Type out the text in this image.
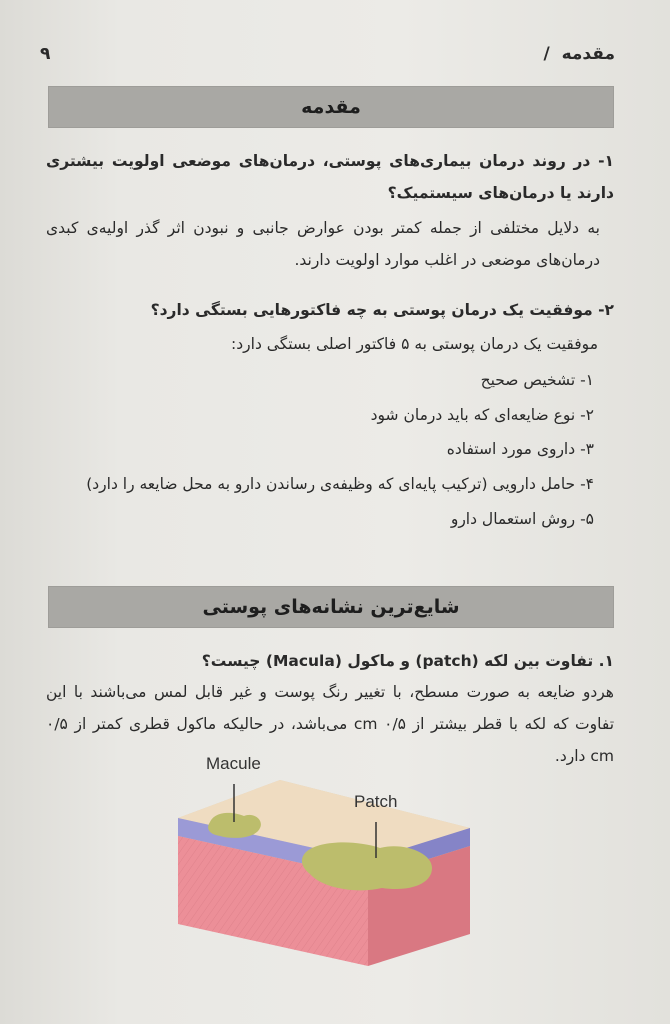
مقدمه /
۹
مقدمه
۱- در روند درمان بیماری‌های پوستی، درمان‌های موضعی اولویت بیشتری دارند یا درمان‌های سیستمیک؟
به دلایل مختلفی از جمله کمتر بودن عوارض جانبی و نبودن اثر گذر اولیه‌ی کبدی درمان‌های موضعی در اغلب موارد اولویت دارند.
۲- موفقیت یک درمان پوستی به چه فاکتورهایی بستگی دارد؟
موفقیت یک درمان پوستی به ۵ فاکتور اصلی بستگی دارد:
۱- تشخیص صحیح
۲- نوع ضایعه‌ای که باید درمان شود
۳- داروی مورد استفاده
۴- حامل دارویی (ترکیب پایه‌ای که وظیفه‌ی رساندن دارو به محل ضایعه را دارد)
۵- روش استعمال دارو
شایع‌ترین نشانه‌های پوستی
۱. تفاوت بین لکه (patch) و ماکول (Macula) چیست؟
هردو ضایعه به صورت مسطح، با تغییر رنگ پوست و غیر قابل لمس می‌باشند با این تفاوت که لکه با قطر بیشتر از ۰/۵ cm می‌باشد، در حالیکه ماکول قطری کمتر از ۰/۵ cm دارد.
Macule
Patch
